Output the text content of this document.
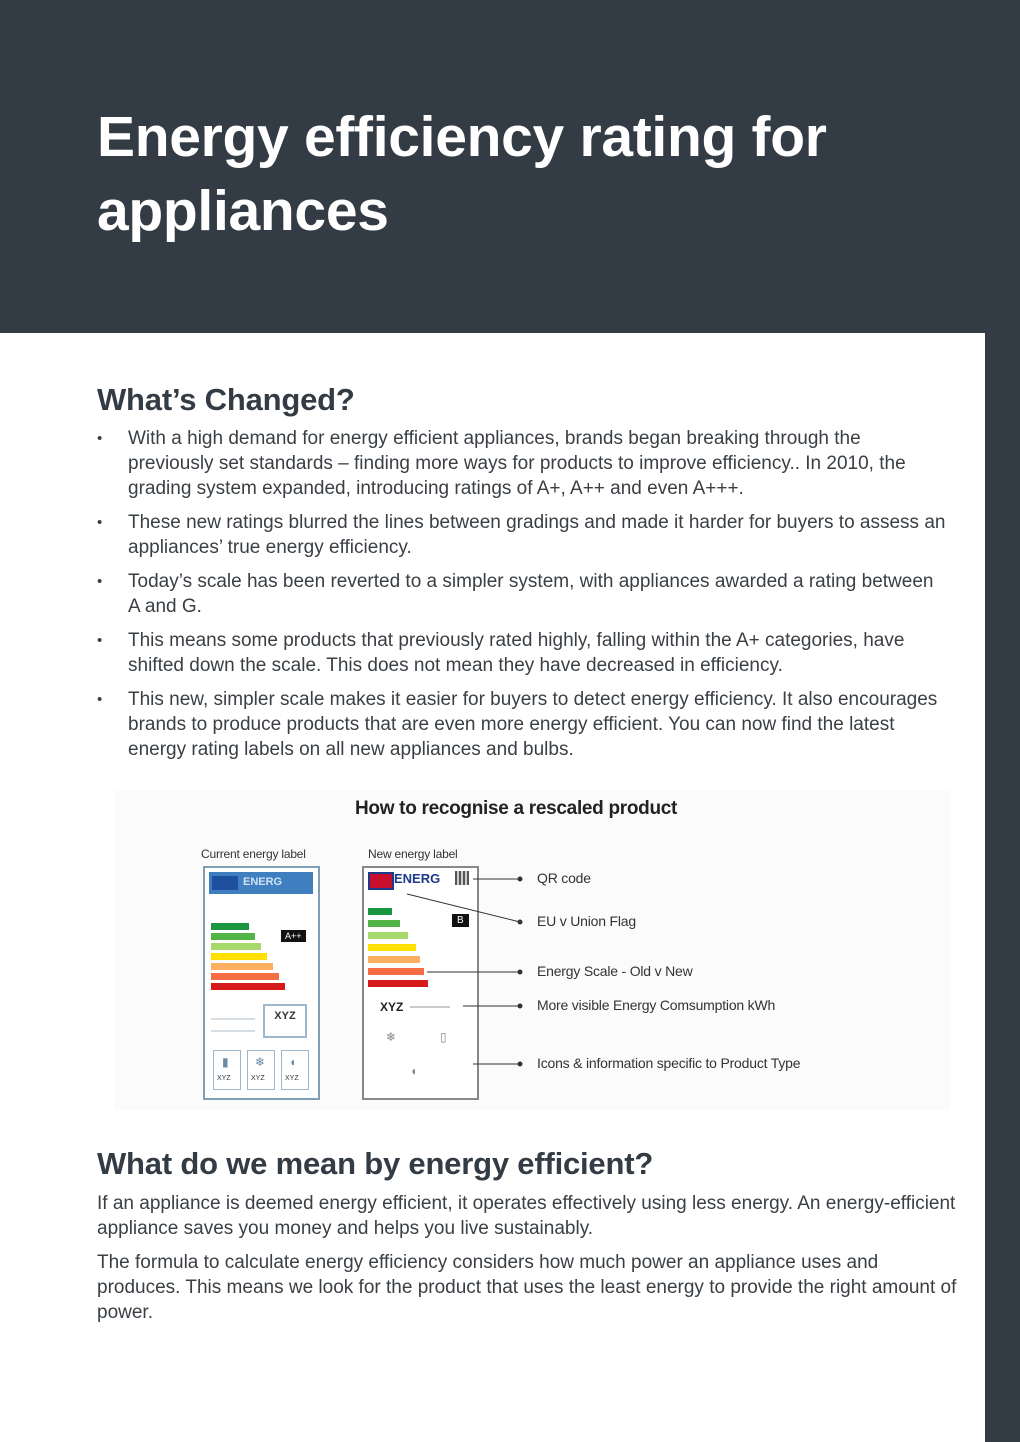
Energy efficiency rating for appliances
What’s Changed?
• With a high demand for energy efficient appliances, brands began breaking through the previously set standards – finding more ways for products to improve efficiency.. In 2010, the grading system expanded, introducing ratings of A+, A++ and even A+++.
• These new ratings blurred the lines between gradings and made it harder for buyers to assess an appliances’ true energy efficiency.
• Today’s scale has been reverted to a simpler system, with appliances awarded a rating between A and G.
• This means some products that previously rated highly, falling within the A+ categories, have shifted down the scale. This does not mean they have decreased in efficiency.
• This new, simpler scale makes it easier for buyers to detect energy efficiency. It also encourages brands to produce products that are even more energy efficient. You can now find the latest energy rating labels on all new appliances and bulbs.

How to recognise a rescaled product

Current energy label	New energy label
ENERG
A++
XYZ
▮
XYZ
❄
XYZ
◖
XYZ
ENERG
B
XYZ
❄	▯
◖
QR code
EU v Union Flag
Energy Scale - Old v New
More visible Energy Comsumption kWh
Icons & information specific to Product Type
What do we mean by energy efficient?

If an appliance is deemed energy efficient, it operates effectively using less energy. An energy-efficient appliance saves you money and helps you live sustainably.

The formula to calculate energy efficiency considers how much power an appliance uses and produces. This means we look for the product that uses the least energy to provide the right amount of power.
